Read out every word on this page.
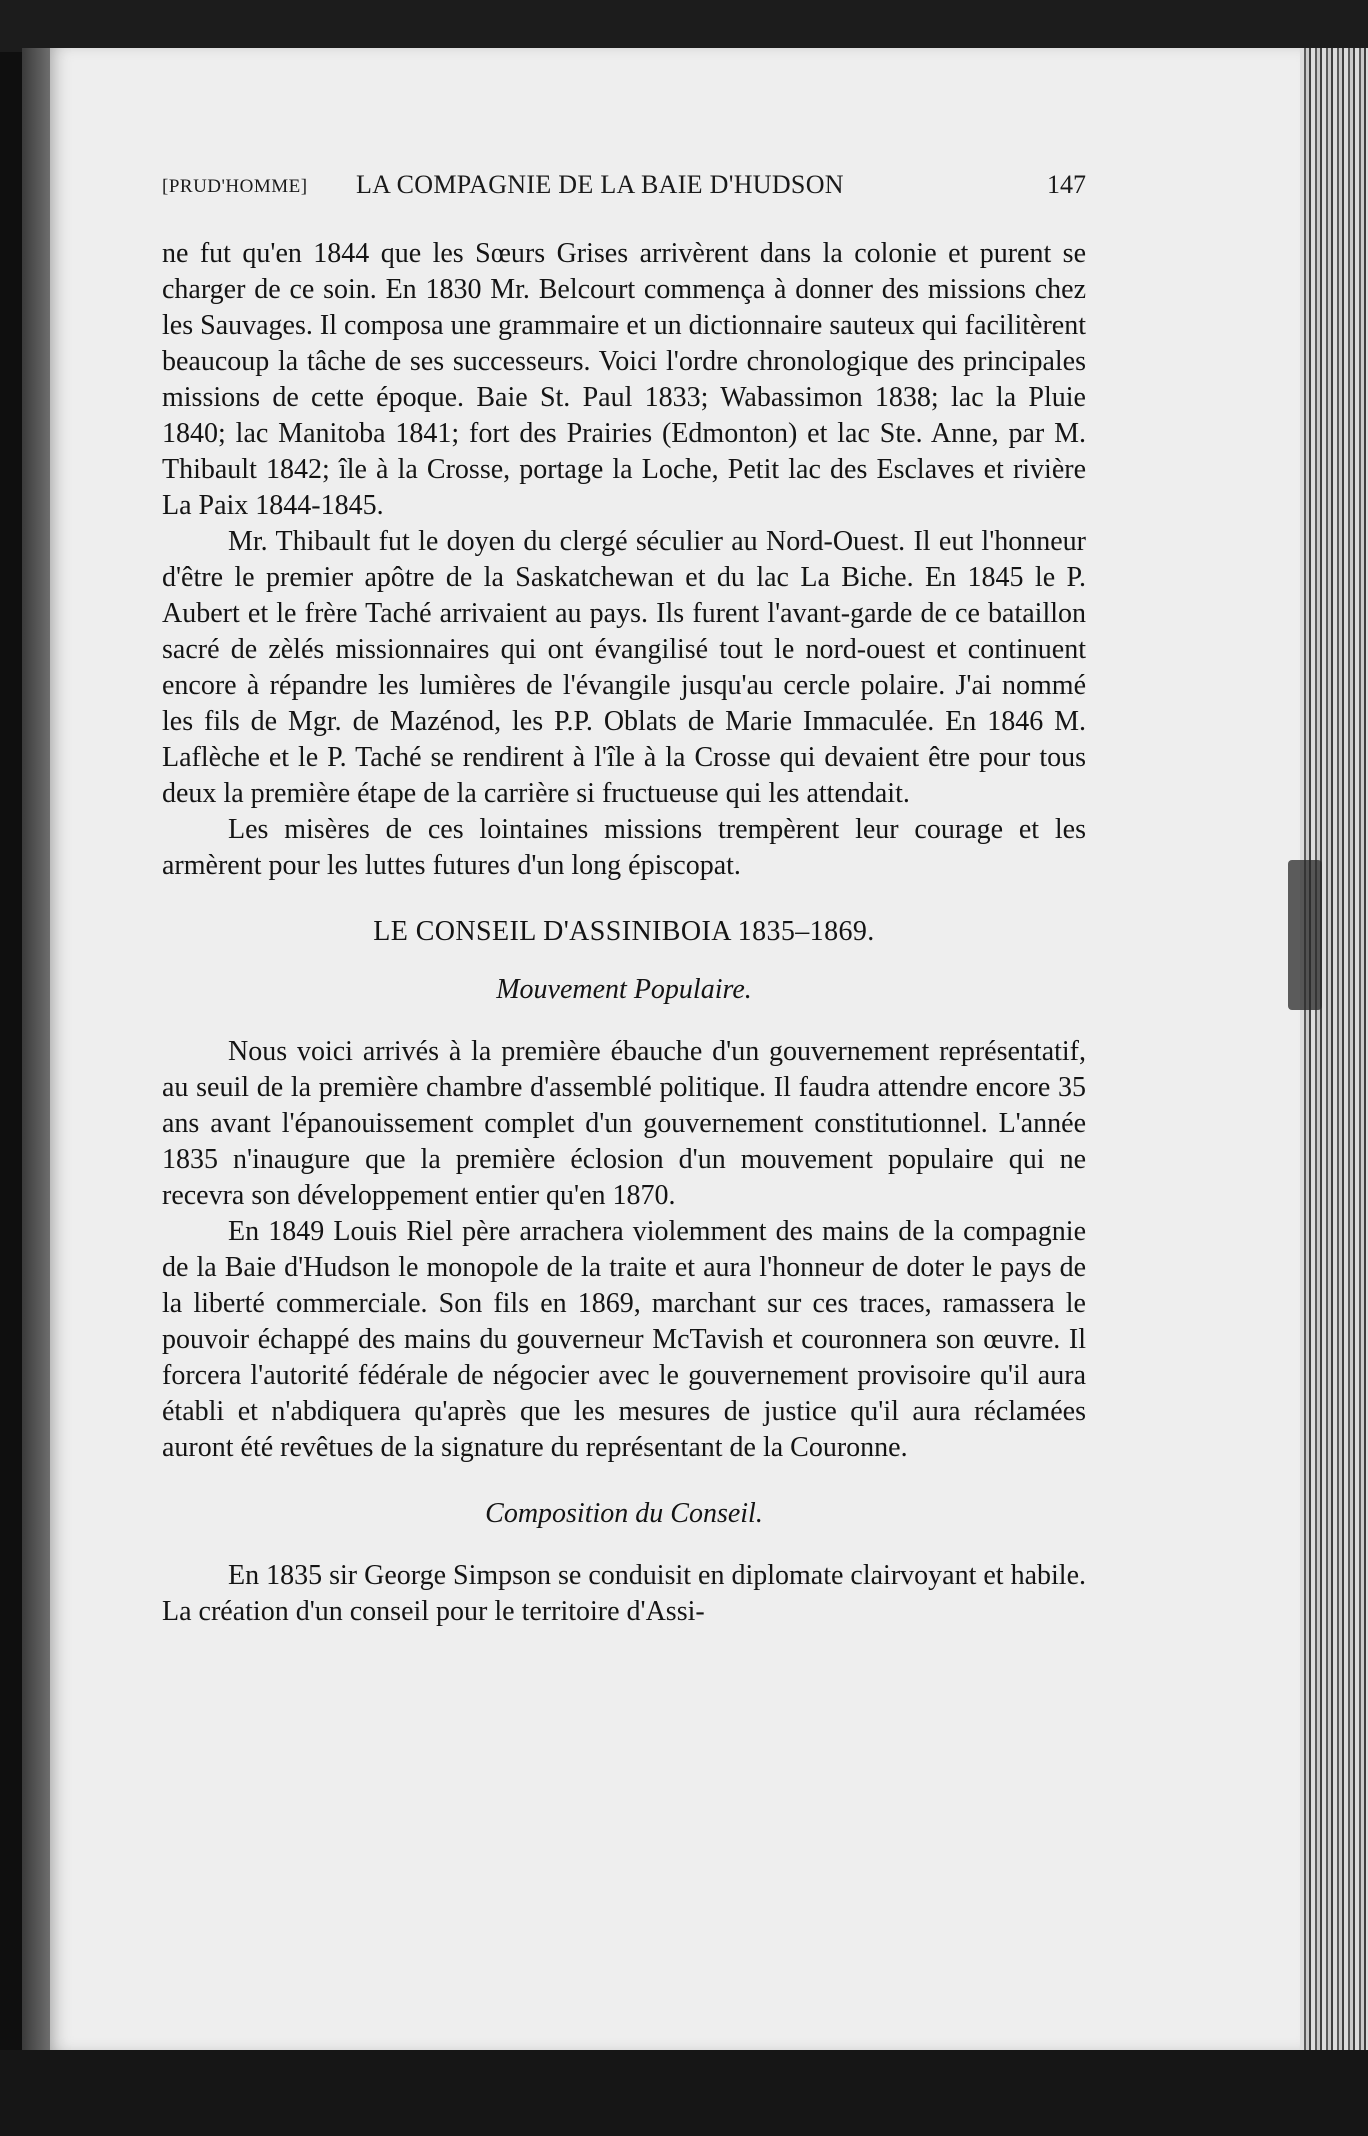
[PRUD'HOMME] LA COMPAGNIE DE LA BAIE D'HUDSON	147

ne fut qu'en 1844 que les Sœurs Grises arrivèrent dans la colonie et purent se charger de ce soin. En 1830 Mr. Belcourt commença à donner des missions chez les Sauvages. Il composa une grammaire et un dictionnaire sauteux qui facilitèrent beaucoup la tâche de ses successeurs. Voici l'ordre chronologique des principales missions de cette époque. Baie St. Paul 1833; Wabassimon 1838; lac la Pluie 1840; lac Manitoba 1841; fort des Prairies (Edmonton) et lac Ste. Anne, par M. Thibault 1842; île à la Crosse, portage la Loche, Petit lac des Esclaves et rivière La Paix 1844-1845.

Mr. Thibault fut le doyen du clergé séculier au Nord-Ouest. Il eut l'honneur d'être le premier apôtre de la Saskatchewan et du lac La Biche. En 1845 le P. Aubert et le frère Taché arrivaient au pays. Ils furent l'avant-garde de ce bataillon sacré de zèlés missionnaires qui ont évangilisé tout le nord-ouest et continuent encore à répandre les lumières de l'évangile jusqu'au cercle polaire. J'ai nommé les fils de Mgr. de Mazénod, les P.P. Oblats de Marie Immaculée. En 1846 M. Laflèche et le P. Taché se rendirent à l'île à la Crosse qui devaient être pour tous deux la première étape de la carrière si fructueuse qui les attendait.

Les misères de ces lointaines missions trempèrent leur courage et les armèrent pour les luttes futures d'un long épiscopat.

LE CONSEIL D'ASSINIBOIA 1835–1869.

Mouvement Populaire.

Nous voici arrivés à la première ébauche d'un gouvernement représentatif, au seuil de la première chambre d'assemblé politique. Il faudra attendre encore 35 ans avant l'épanouissement complet d'un gouvernement constitutionnel. L'année 1835 n'inaugure que la première éclosion d'un mouvement populaire qui ne recevra son développement entier qu'en 1870.

En 1849 Louis Riel père arrachera violemment des mains de la compagnie de la Baie d'Hudson le monopole de la traite et aura l'honneur de doter le pays de la liberté commerciale. Son fils en 1869, marchant sur ces traces, ramassera le pouvoir échappé des mains du gouverneur McTavish et couronnera son œuvre. Il forcera l'autorité fédérale de négocier avec le gouvernement provisoire qu'il aura établi et n'abdiquera qu'après que les mesures de justice qu'il aura réclamées auront été revêtues de la signature du représentant de la Couronne.

Composition du Conseil.

En 1835 sir George Simpson se conduisit en diplomate clairvoyant et habile. La création d'un conseil pour le territoire d'Assi-
